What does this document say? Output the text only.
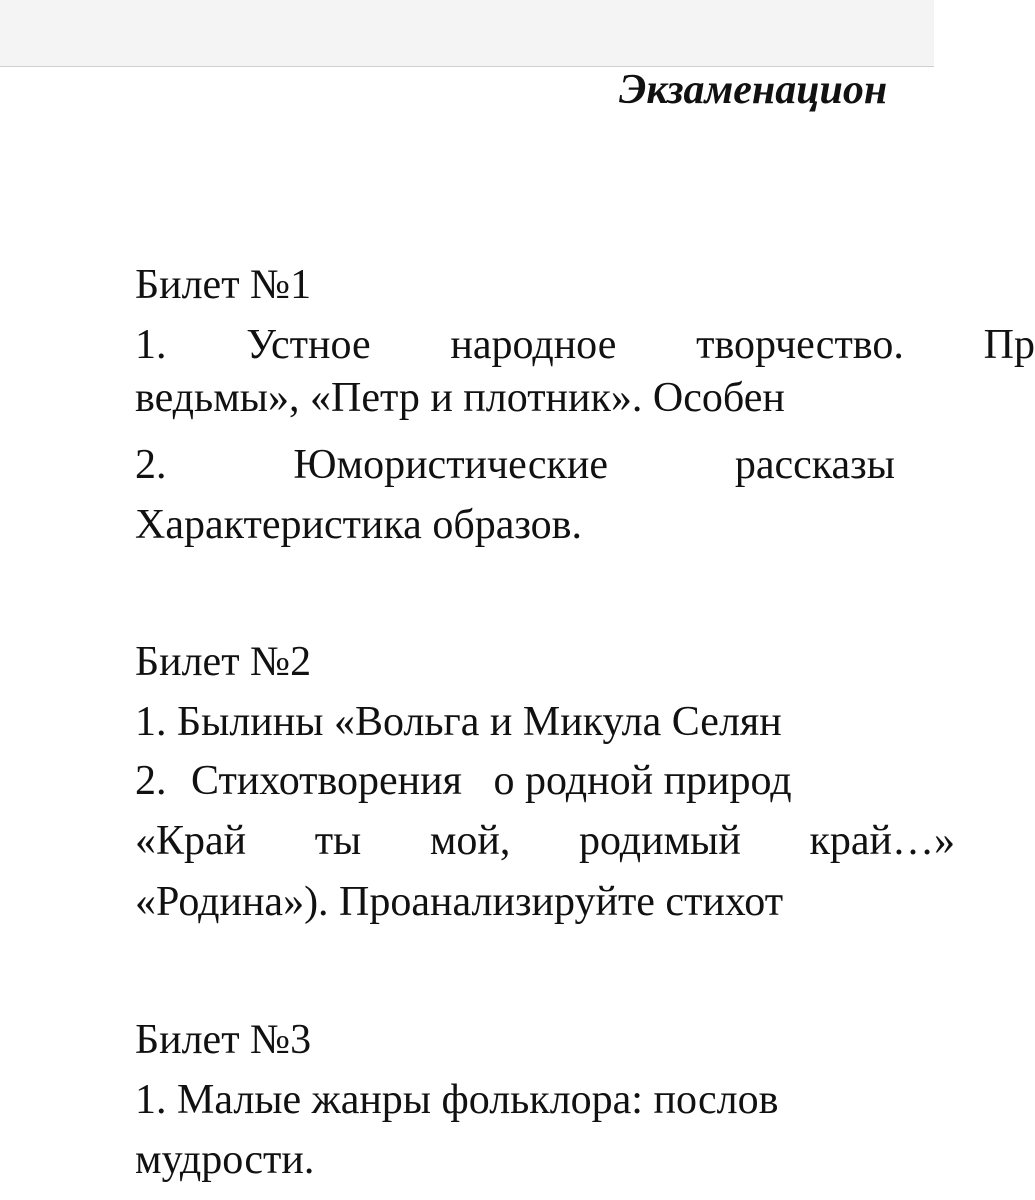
Экзаменацион
Билет №1
1. Устное народное творчество. Пр
ведьмы», «Петр и плотник». Особен
2.	Юмористические	рассказы
Характеристика образов.
Билет №2
1. Былины «Вольга и Микула Селян
2. Стихотворения о родной природ
«Край ты мой, родимый край…»
«Родина»). Проанализируйте стихот
Билет №3
1. Малые жанры фольклора: послов
мудрости.
